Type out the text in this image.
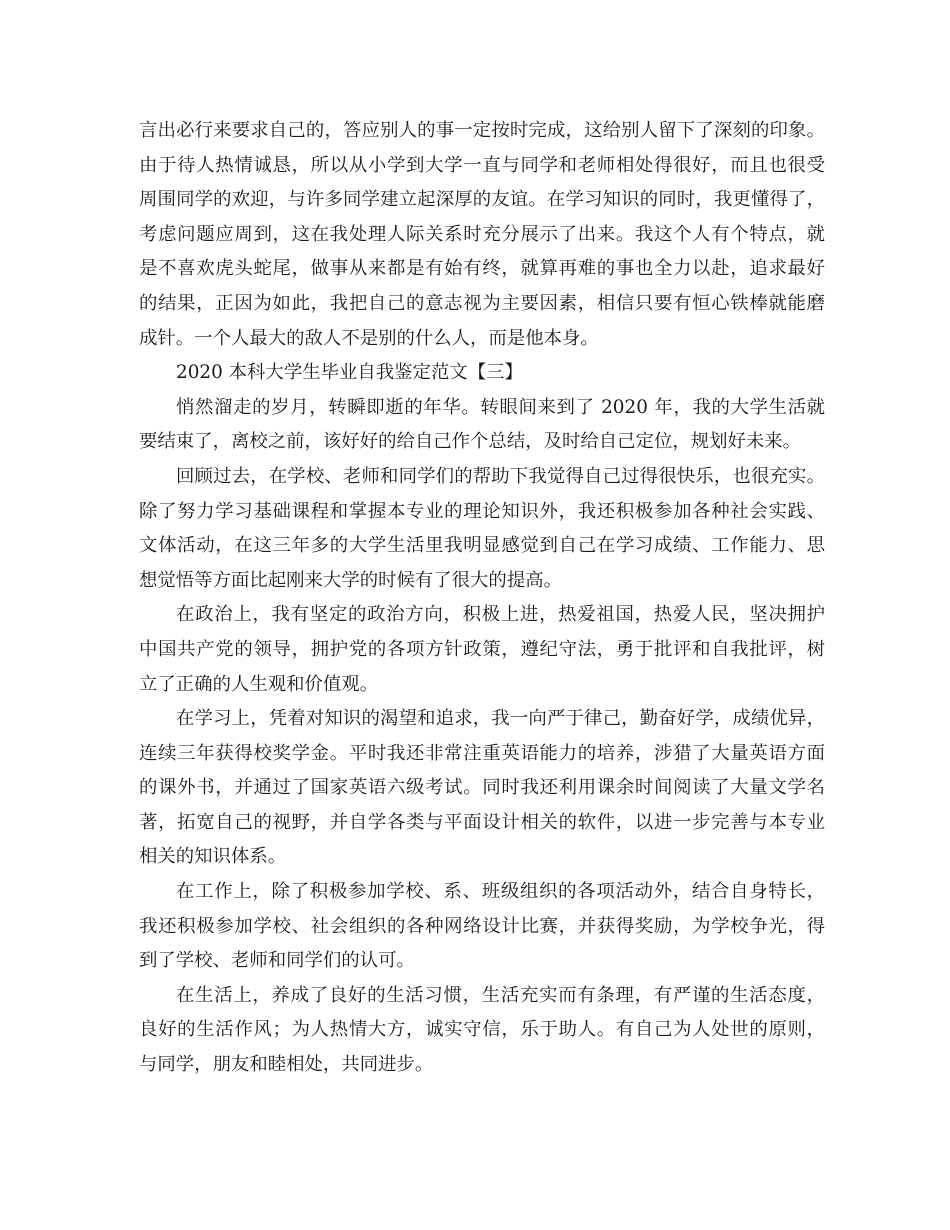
言出必行来要求自己的，答应别人的事一定按时完成，这给别人留下了深刻的印象。
由于待人热情诚恳，所以从小学到大学一直与同学和老师相处得很好，而且也很受
周围同学的欢迎，与许多同学建立起深厚的友谊。在学习知识的同时，我更懂得了，
考虑问题应周到，这在我处理人际关系时充分展示了出来。我这个人有个特点，就
是不喜欢虎头蛇尾，做事从来都是有始有终，就算再难的事也全力以赴，追求最好
的结果，正因为如此，我把自己的意志视为主要因素，相信只要有恒心铁棒就能磨
成针。一个人最大的敌人不是别的什么人，而是他本身。
2020 本科大学生毕业自我鉴定范文【三】
悄然溜走的岁月，转瞬即逝的年华。转眼间来到了 2020 年，我的大学生活就
要结束了，离校之前，该好好的给自己作个总结，及时给自己定位，规划好未来。
回顾过去，在学校、老师和同学们的帮助下我觉得自己过得很快乐，也很充实。
除了努力学习基础课程和掌握本专业的理论知识外，我还积极参加各种社会实践、
文体活动，在这三年多的大学生活里我明显感觉到自己在学习成绩、工作能力、思
想觉悟等方面比起刚来大学的时候有了很大的提高。
在政治上，我有坚定的政治方向，积极上进，热爱祖国，热爱人民，坚决拥护
中国共产党的领导，拥护党的各项方针政策，遵纪守法，勇于批评和自我批评，树
立了正确的人生观和价值观。
在学习上，凭着对知识的渴望和追求，我一向严于律己，勤奋好学，成绩优异，
连续三年获得校奖学金。平时我还非常注重英语能力的培养，涉猎了大量英语方面
的课外书，并通过了国家英语六级考试。同时我还利用课余时间阅读了大量文学名
著，拓宽自己的视野，并自学各类与平面设计相关的软件，以进一步完善与本专业
相关的知识体系。
在工作上，除了积极参加学校、系、班级组织的各项活动外，结合自身特长，
我还积极参加学校、社会组织的各种网络设计比赛，并获得奖励，为学校争光，得
到了学校、老师和同学们的认可。
在生活上，养成了良好的生活习惯，生活充实而有条理，有严谨的生活态度，
良好的生活作风；为人热情大方，诚实守信，乐于助人。有自己为人处世的原则，
与同学，朋友和睦相处，共同进步。
